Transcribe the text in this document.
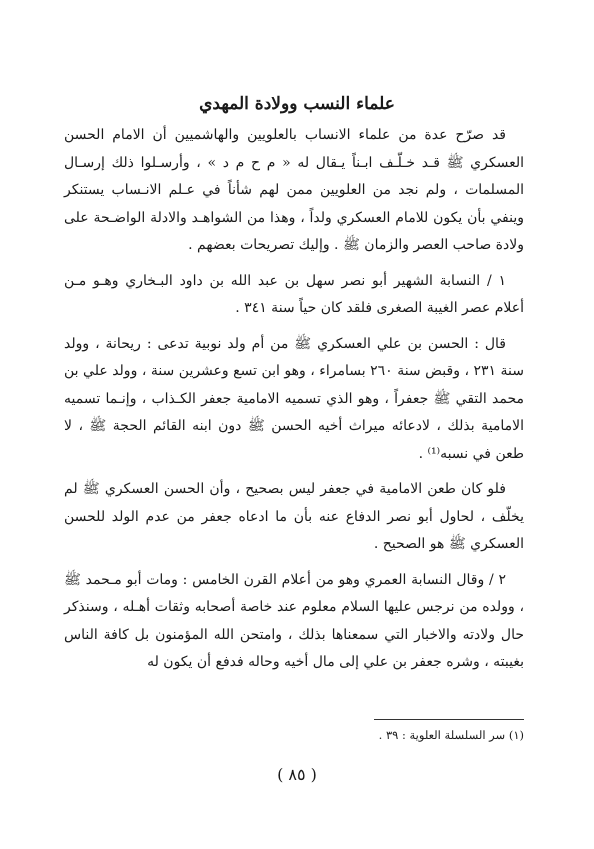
علماء النسب وولادة المهدي

قد صرّح عدة من علماء الانساب بالعلويين والهاشميين أن الامام الحسن العسكري ﷺ قـد خـلّـف ابـناً يـقال له « م ح م د » ، وأرسـلوا ذلك إرسـال المسلمات ، ولم نجد من العلويين ممن لهم شأناً في عـلم الانـساب يستنكر وينفي بأن يكون للامام العسكري ولداً ، وهذا من الشواهـد والادلة الواضـحة على ولادة صاحب العصر والزمان ﷺ . وإليك تصريحات بعضهم .

١ / النسابة الشهير أبو نصر سهل بن عبد الله بن داود البـخاري وهـو مـن أعلام عصر الغيبة الصغرى فلقد كان حياً سنة ٣٤١ .

قال : الحسن بن علي العسكري ﷺ من أم ولد نوبية تدعى : ريحانة ، وولد سنة ٢٣١ ، وقبض سنة ٢٦٠ بسامراء ، وهو ابن تسع وعشرين سنة ، وولد علي بن محمد التقي ﷺ جعفراً ، وهو الذي تسميه الامامية جعفر الكـذاب ، وإنـما تسميه الامامية بذلك ، لادعائه ميراث أخيه الحسن ﷺ دون ابنه القائم الحجة ﷺ ، لا طعن في نسبه⁽¹⁾ .

فلو كان طعن الامامية في جعفر ليس بصحيح ، وأن الحسن العسكري ﷺ لم يخلّف ، لحاول أبو نصر الدفاع عنه بأن ما ادعاه جعفر من عدم الولد للحسن العسكري ﷺ هو الصحيح .

٢ / وقال النسابة العمري وهو من أعلام القرن الخامس : ومات أبو مـحمد ﷺ ، وولده من نرجس عليها السلام معلوم عند خاصة أصحابه وثقات أهـله ، وسنذكر حال ولادته والاخبار التي سمعناها بذلك ، وامتحن الله المؤمنون بل كافة الناس بغيبته ، وشره جعفر بن علي إلى مال أخيه وحاله فدفع أن يكون له

(١) سر السلسلة العلوية : ٣٩ .
( ٨٥ )
